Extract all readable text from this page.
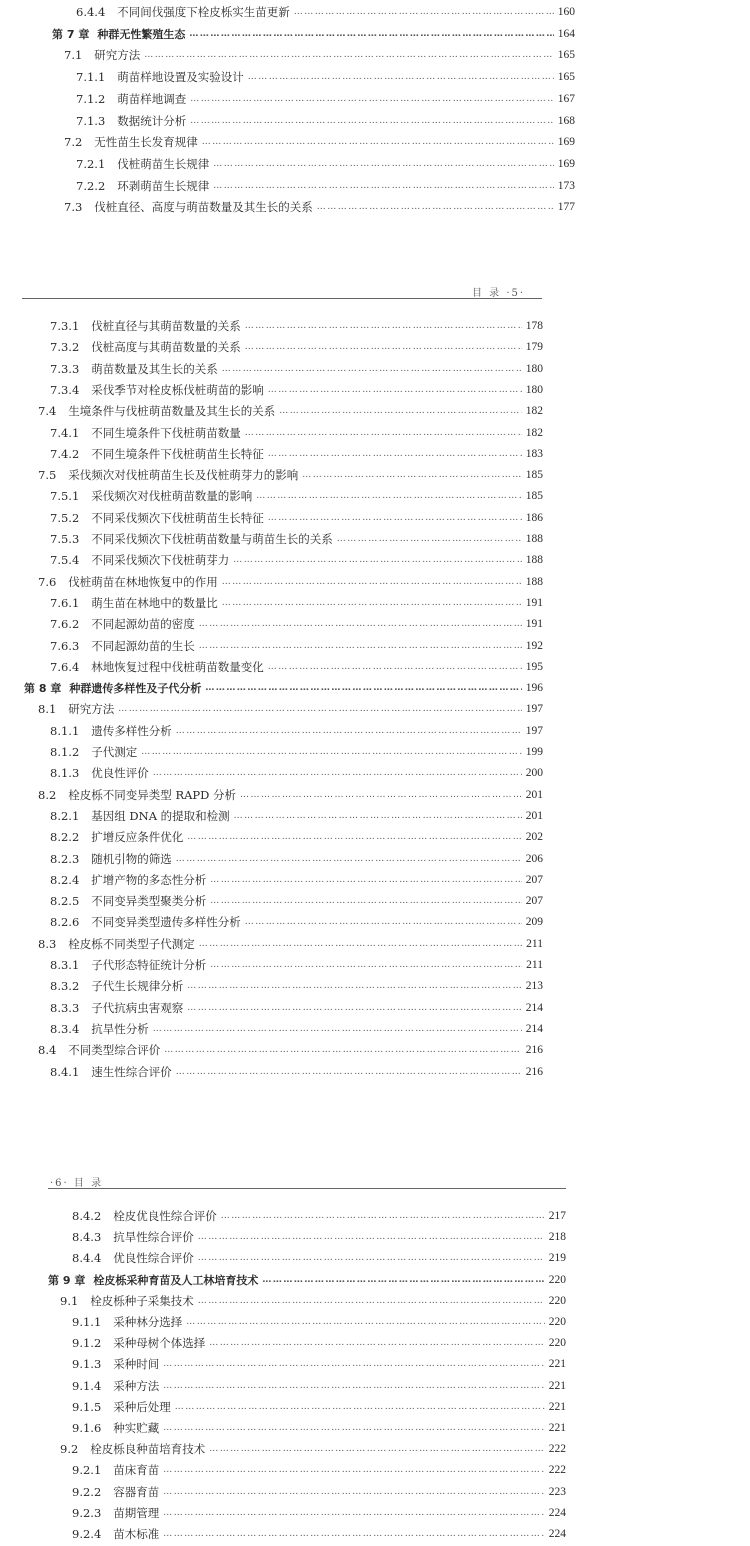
6.4.4 不同间伐强度下栓皮栎实生苗更新 ……………………………………………………………………………………………………………………………………	160
第 7 章 种群无性繁殖生态 ……………………………………………………………………………………………………………………………………	164
7.1 研究方法 ……………………………………………………………………………………………………………………………………	165
7.1.1 萌苗样地设置及实验设计 ……………………………………………………………………………………………………………………………………	165
7.1.2 萌苗样地调查 ……………………………………………………………………………………………………………………………………	167
7.1.3 数据统计分析 ……………………………………………………………………………………………………………………………………	168
7.2 无性苗生长发育规律 ……………………………………………………………………………………………………………………………………	169
7.2.1 伐桩萌苗生长规律 ……………………………………………………………………………………………………………………………………	169
7.2.2 环剥萌苗生长规律 ……………………………………………………………………………………………………………………………………	173
7.3 伐桩直径、高度与萌苗数量及其生长的关系 ……………………………………………………………………………………………………………………………………	177
目 录 ·5·
7.3.1 伐桩直径与其萌苗数量的关系 ……………………………………………………………………………………………………………………………………	178
7.3.2 伐桩高度与其萌苗数量的关系 ……………………………………………………………………………………………………………………………………	179
7.3.3 萌苗数量及其生长的关系 ……………………………………………………………………………………………………………………………………	180
7.3.4 采伐季节对栓皮栎伐桩萌苗的影响 ……………………………………………………………………………………………………………………………………	180
7.4 生境条件与伐桩萌苗数量及其生长的关系 ……………………………………………………………………………………………………………………………………	182
7.4.1 不同生境条件下伐桩萌苗数量 ……………………………………………………………………………………………………………………………………	182
7.4.2 不同生境条件下伐桩萌苗生长特征 ……………………………………………………………………………………………………………………………………	183
7.5 采伐频次对伐桩萌苗生长及伐桩萌芽力的影响 ……………………………………………………………………………………………………………………………………	185
7.5.1 采伐频次对伐桩萌苗数量的影响 ……………………………………………………………………………………………………………………………………	185
7.5.2 不同采伐频次下伐桩萌苗生长特征 ……………………………………………………………………………………………………………………………………	186
7.5.3 不同采伐频次下伐桩萌苗数量与萌苗生长的关系 ……………………………………………………………………………………………………………………………………	188
7.5.4 不同采伐频次下伐桩萌芽力 ……………………………………………………………………………………………………………………………………	188
7.6 伐桩萌苗在林地恢复中的作用 ……………………………………………………………………………………………………………………………………	188
7.6.1 萌生苗在林地中的数量比 ……………………………………………………………………………………………………………………………………	191
7.6.2 不同起源幼苗的密度 ……………………………………………………………………………………………………………………………………	191
7.6.3 不同起源幼苗的生长 ……………………………………………………………………………………………………………………………………	192
7.6.4 林地恢复过程中伐桩萌苗数量变化 ……………………………………………………………………………………………………………………………………	195
第 8 章 种群遗传多样性及子代分析 ……………………………………………………………………………………………………………………………………	196
8.1 研究方法 ……………………………………………………………………………………………………………………………………	197
8.1.1 遗传多样性分析 ……………………………………………………………………………………………………………………………………	197
8.1.2 子代测定 ……………………………………………………………………………………………………………………………………	199
8.1.3 优良性评价 ……………………………………………………………………………………………………………………………………	200
8.2 栓皮栎不同变异类型 RAPD 分析 ……………………………………………………………………………………………………………………………………	201
8.2.1 基因组 DNA 的提取和检测 ……………………………………………………………………………………………………………………………………	201
8.2.2 扩增反应条件优化 ……………………………………………………………………………………………………………………………………	202
8.2.3 随机引物的筛选 ……………………………………………………………………………………………………………………………………	206
8.2.4 扩增产物的多态性分析 ……………………………………………………………………………………………………………………………………	207
8.2.5 不同变异类型聚类分析 ……………………………………………………………………………………………………………………………………	207
8.2.6 不同变异类型遗传多样性分析 ……………………………………………………………………………………………………………………………………	209
8.3 栓皮栎不同类型子代测定 ……………………………………………………………………………………………………………………………………	211
8.3.1 子代形态特征统计分析 ……………………………………………………………………………………………………………………………………	211
8.3.2 子代生长规律分析 ……………………………………………………………………………………………………………………………………	213
8.3.3 子代抗病虫害观察 ……………………………………………………………………………………………………………………………………	214
8.3.4 抗旱性分析 ……………………………………………………………………………………………………………………………………	214
8.4 不同类型综合评价 ……………………………………………………………………………………………………………………………………	216
8.4.1 速生性综合评价 ……………………………………………………………………………………………………………………………………	216
·6· 目 录
8.4.2 栓皮优良性综合评价 ……………………………………………………………………………………………………………………………………	217
8.4.3 抗旱性综合评价 ……………………………………………………………………………………………………………………………………	218
8.4.4 优良性综合评价 ……………………………………………………………………………………………………………………………………	219
第 9 章 栓皮栎采种育苗及人工林培育技术 ……………………………………………………………………………………………………………………………………	220
9.1 栓皮栎种子采集技术 ……………………………………………………………………………………………………………………………………	220
9.1.1 采种林分选择 ……………………………………………………………………………………………………………………………………	220
9.1.2 采种母树个体选择 ……………………………………………………………………………………………………………………………………	220
9.1.3 采种时间 ……………………………………………………………………………………………………………………………………	221
9.1.4 采种方法 ……………………………………………………………………………………………………………………………………	221
9.1.5 采种后处理 ……………………………………………………………………………………………………………………………………	221
9.1.6 种实贮藏 ……………………………………………………………………………………………………………………………………	221
9.2 栓皮栎良种苗培育技术 ……………………………………………………………………………………………………………………………………	222
9.2.1 苗床育苗 ……………………………………………………………………………………………………………………………………	222
9.2.2 容器育苗 ……………………………………………………………………………………………………………………………………	223
9.2.3 苗期管理 ……………………………………………………………………………………………………………………………………	224
9.2.4 苗木标准 ……………………………………………………………………………………………………………………………………	224
